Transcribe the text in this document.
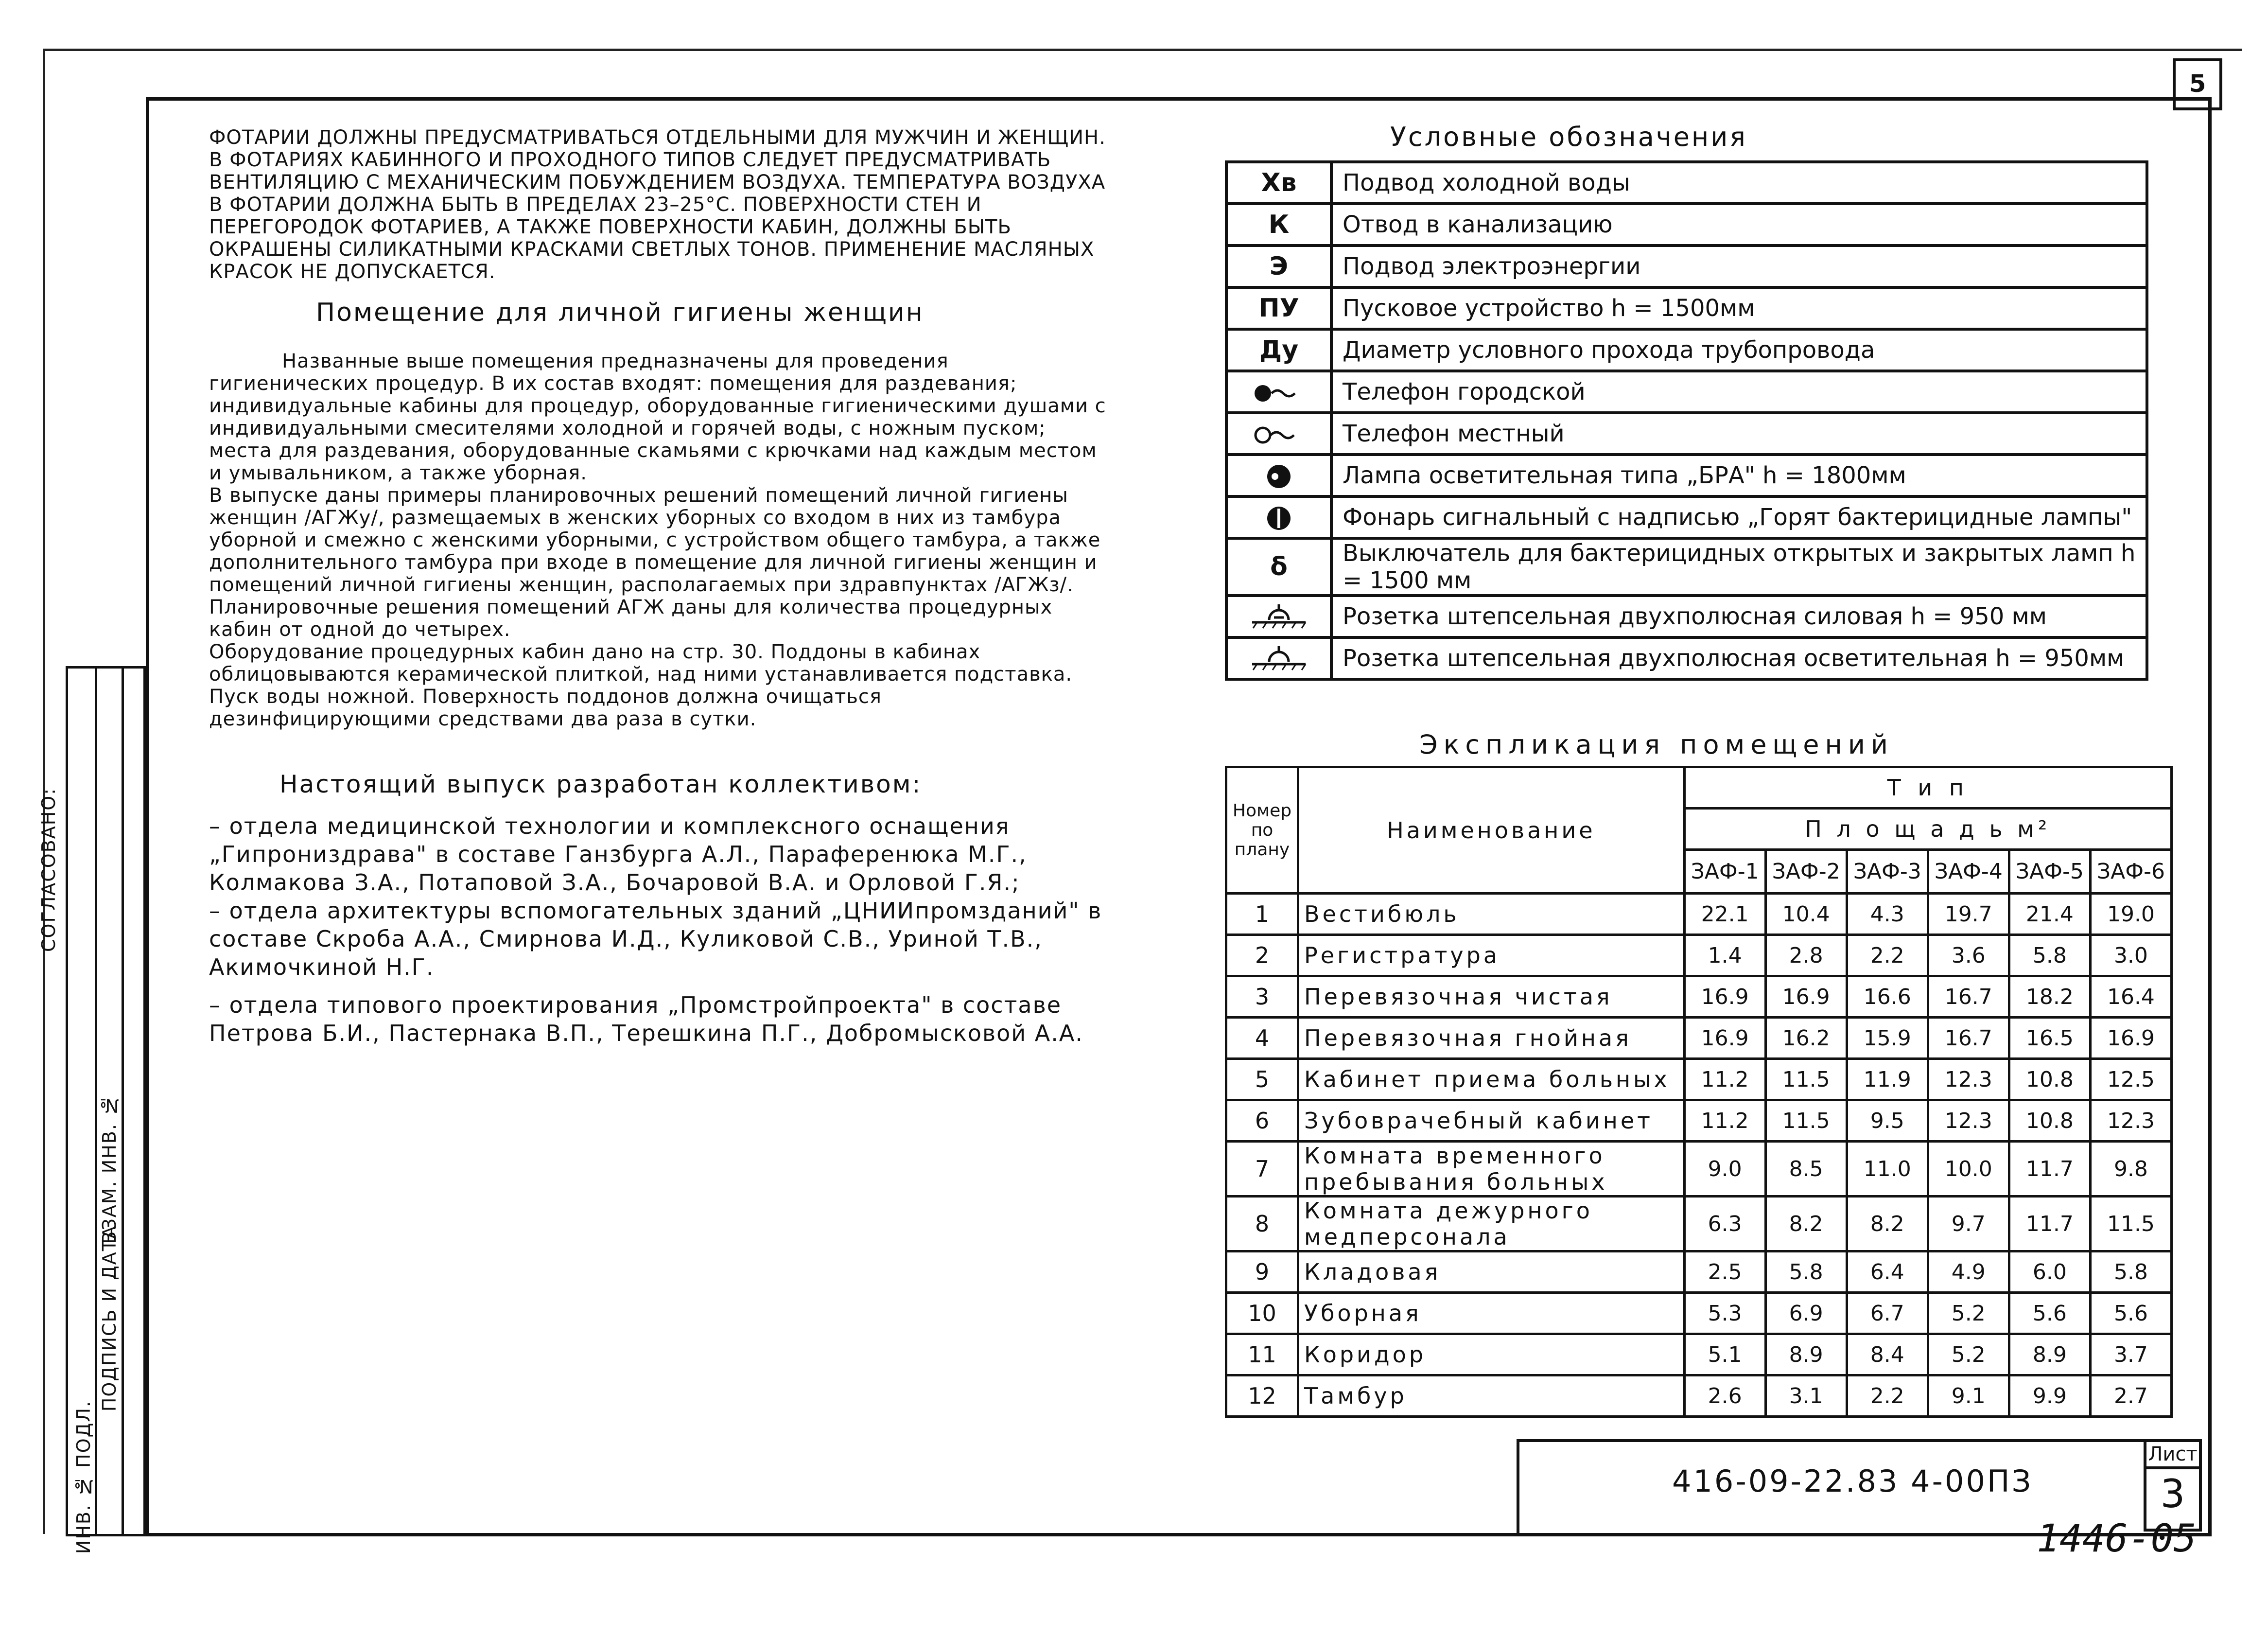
5
1446-05
СОГЛАСОВАНО:
ИНВ. № ПОДЛ.
ПОДПИСЬ И ДАТА
ВЗАМ. ИНВ. №

ФОТАРИИ ДОЛЖНЫ ПРЕДУСМАТРИВАТЬСЯ ОТДЕЛЬНЫМИ ДЛЯ МУЖЧИН И ЖЕНЩИН. В ФОТАРИЯХ КАБИННОГО И ПРОХОДНОГО ТИПОВ СЛЕДУЕТ ПРЕДУСМАТРИВАТЬ ВЕНТИЛЯЦИЮ С МЕХАНИЧЕСКИМ ПОБУЖДЕНИЕМ ВОЗДУХА. ТЕМПЕРАТУРА ВОЗДУХА В ФОТАРИИ ДОЛЖНА БЫТЬ В ПРЕДЕЛАХ 23–25°С. ПОВЕРХНОСТИ СТЕН И ПЕРЕГОРОДОК ФОТАРИЕВ, А ТАКЖЕ ПОВЕРХНОСТИ КАБИН, ДОЛЖНЫ БЫТЬ ОКРАШЕНЫ СИЛИКАТНЫМИ КРАСКАМИ СВЕТЛЫХ ТОНОВ. ПРИМЕНЕНИЕ МАСЛЯНЫХ КРАСОК НЕ ДОПУСКАЕТСЯ.

Помещение для личной гигиены женщин

Названные выше помещения предназначены для проведения гигиенических процедур. В их состав входят: помещения для раздевания; индивидуальные кабины для процедур, оборудованные гигиеническими душами с индивидуальными смесителями холодной и горячей воды, с ножным пуском; места для раздевания, оборудованные скамьями с крючками над каждым местом и умывальником, а также уборная.

В выпуске даны примеры планировочных решений помещений личной гигиены женщин /АГЖу/, размещаемых в женских уборных со входом в них из тамбура уборной и смежно с женскими уборными, с устройством общего тамбура, а также дополнительного тамбура при входе в помещение для личной гигиены женщин и помещений личной гигиены женщин, располагаемых при здравпунктах /АГЖз/.

Планировочные решения помещений АГЖ даны для количества процедурных кабин от одной до четырех.

Оборудование процедурных кабин дано на стр. 30. Поддоны в кабинах облицовываются керамической плиткой, над ними устанавливается подставка. Пуск воды ножной. Поверхность поддонов должна очищаться дезинфицирующими средствами два раза в сутки.

Настоящий выпуск разработан коллективом:

– отдела медицинской технологии и комплексного оснащения „Гипрониздрава" в составе Ганзбурга А.Л., Параференюка М.Г., Колмакова З.А., Потаповой З.А., Бочаровой В.А. и Орловой Г.Я.;

– отдела архитектуры вспомогательных зданий „ЦНИИпромзданий" в составе Скроба А.А., Смирнова И.Д., Куликовой С.В., Уриной Т.В., Акимочкиной Н.Г.

– отдела типового проектирования „Промстройпроекта" в составе Петрова Б.И., Пастернака В.П., Терешкина П.Г., Добромысковой А.А.

Условные обозначения
Хв	Подвод холодной воды
К	Отвод в канализацию
Э	Подвод электроэнергии
ПУ	Пусковое устройство h = 1500мм
Ду	Диаметр условного прохода трубопровода
	Телефон городской
	Телефон местный
	Лампа осветительная типа „БРА" h = 1800мм
	Фонарь сигнальный с надписью „Горят бактерицидные лампы"
δ	Выключатель для бактерицидных открытых и закрытых ламп h = 1500 мм
	Розетка штепсельная двухполюсная силовая h = 950 мм
	Розетка штепсельная двухполюсная осветительная h = 950мм
Экспликация помещений
Номер по плану	Наименование	Т и п					
		П л о щ а д ь м²					
		ЗАФ-1	ЗАФ-2	ЗАФ-3	ЗАФ-4	ЗАФ-5	ЗАФ-6
1	Вестибюль	22.1	10.4	4.3	19.7	21.4	19.0
2	Регистратура	1.4	2.8	2.2	3.6	5.8	3.0
3	Перевязочная чистая	16.9	16.9	16.6	16.7	18.2	16.4
4	Перевязочная гнойная	16.9	16.2	15.9	16.7	16.5	16.9
5	Кабинет приема больных	11.2	11.5	11.9	12.3	10.8	12.5
6	Зубоврачебный кабинет	11.2	11.5	9.5	12.3	10.8	12.3
7	Комната временного пребывания больных	9.0	8.5	11.0	10.0	11.7	9.8
8	Комната дежурного медперсонала	6.3	8.2	8.2	9.7	11.7	11.5
9	Кладовая	2.5	5.8	6.4	4.9	6.0	5.8
10	Уборная	5.3	6.9	6.7	5.2	5.6	5.6
11	Коридор	5.1	8.9	8.4	5.2	8.9	3.7
12	Тамбур	2.6	3.1	2.2	9.1	9.9	2.7
416-09-22.83 4-00ПЗ
Лист
3
